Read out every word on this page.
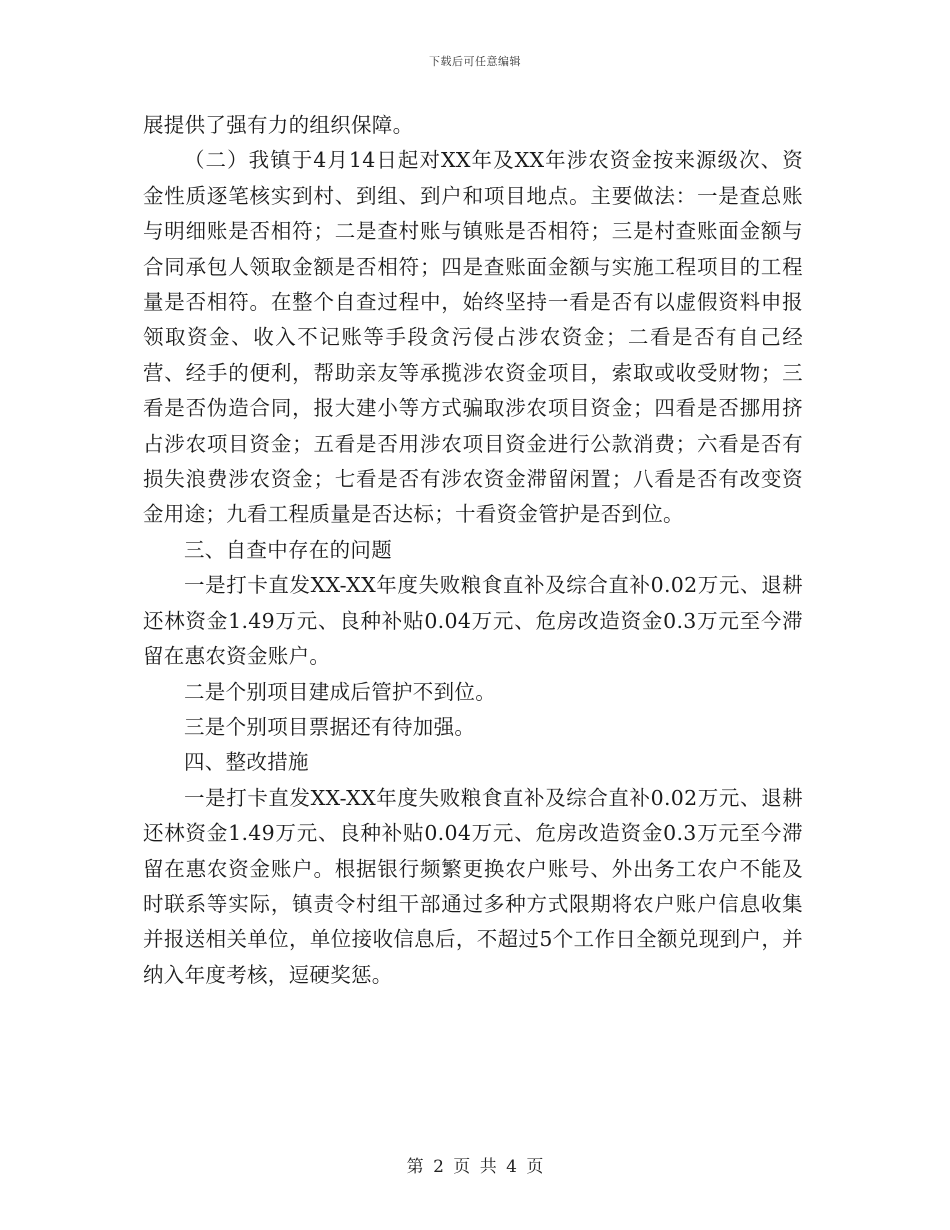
下载后可任意编辑

展提供了强有力的组织保障。

（二）我镇于4月14日起对XX年及XX年涉农资金按来源级次、资金性质逐笔核实到村、到组、到户和项目地点。主要做法：一是查总账与明细账是否相符；二是查村账与镇账是否相符；三是村查账面金额与合同承包人领取金额是否相符；四是查账面金额与实施工程项目的工程量是否相符。在整个自查过程中，始终坚持一看是否有以虚假资料申报领取资金、收入不记账等手段贪污侵占涉农资金；二看是否有自己经营、经手的便利，帮助亲友等承揽涉农资金项目，索取或收受财物；三看是否伪造合同，报大建小等方式骗取涉农项目资金；四看是否挪用挤占涉农项目资金；五看是否用涉农项目资金进行公款消费；六看是否有损失浪费涉农资金；七看是否有涉农资金滞留闲置；八看是否有改变资金用途；九看工程质量是否达标；十看资金管护是否到位。

三、自查中存在的问题

一是打卡直发XX-XX年度失败粮食直补及综合直补0.02万元、退耕还林资金1.49万元、良种补贴0.04万元、危房改造资金0.3万元至今滞留在惠农资金账户。

二是个别项目建成后管护不到位。

三是个别项目票据还有待加强。

四、整改措施

一是打卡直发XX-XX年度失败粮食直补及综合直补0.02万元、退耕还林资金1.49万元、良种补贴0.04万元、危房改造资金0.3万元至今滞留在惠农资金账户。根据银行频繁更换农户账号、外出务工农户不能及时联系等实际，镇责令村组干部通过多种方式限期将农户账户信息收集并报送相关单位，单位接收信息后，不超过5个工作日全额兑现到户，并纳入年度考核，逗硬奖惩。

第 2 页 共 4 页
